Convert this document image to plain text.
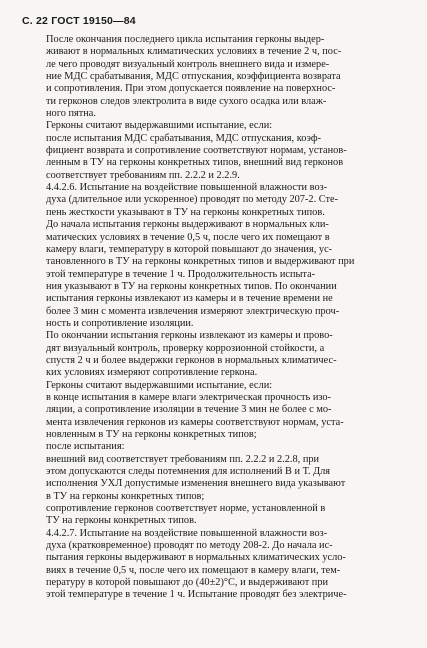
С. 22 ГОСТ 19150—84
После окончания последнего цикла испытания герконы выдер-
живают в нормальных климатических условиях в течение 2 ч, пос-
ле чего проводят визуальный контроль внешнего вида и измере-
ние МДС срабатывания, МДС отпускания, коэффициента возврата
и сопротивления. При этом допускается появление на поверхнос-
ти герконов следов электролита в виде сухого осадка или влаж-
ного пятна.
Герконы считают выдержавшими испытание, если:
после испытания МДС срабатывания, МДС отпускания, коэф-
фициент возврата и сопротивление соответствуют нормам, установ-
ленным в ТУ на герконы конкретных типов, внешний вид герконов
соответствует требованиям пп. 2.2.2 и 2.2.9.
4.4.2.6. Испытание на воздействие повышенной влажности воз-
духа (длительное или ускоренное) проводят по методу 207-2. Сте-
пень жесткости указывают в ТУ на герконы конкретных типов.
До начала испытания герконы выдерживают в нормальных кли-
матических условиях в течение 0,5 ч, после чего их помещают в
камеру влаги, температуру в которой повышают до значения, ус-
тановленного в ТУ на герконы конкретных типов и выдерживают при
этой температуре в течение 1 ч. Продолжительность испыта-
ния указывают в ТУ на герконы конкретных типов. По окончании
испытания герконы извлекают из камеры и в течение времени не
более 3 мин с момента извлечения измеряют электрическую проч-
ность и сопротивление изоляции.
По окончании испытания герконы извлекают из камеры и прово-
дят визуальный контроль, проверку коррозионной стойкости, а
спустя 2 ч и более выдержки герконов в нормальных климатичес-
ких условиях измеряют сопротивление геркона.
Герконы считают выдержавшими испытание, если:
в конце испытания в камере влаги электрическая прочность изо-
ляции, а сопротивление изоляции в течение 3 мин не более с мо-
мента извлечения герконов из камеры соответствуют нормам, уста-
новленным в ТУ на герконы конкретных типов;
после испытания:
внешний вид соответствует требованиям пп. 2.2.2 и 2.2.8, при
этом допускаются следы потемнения для исполнений В и Т. Для
исполнения УХЛ допустимые изменения внешнего вида указывают
в ТУ на герконы конкретных типов;
сопротивление герконов соответствует норме, установленной в
ТУ на герконы конкретных типов.
4.4.2.7. Испытание на воздействие повышенной влажности воз-
духа (кратковременное) проводят по методу 208-2. До начала ис-
пытания герконы выдерживают в нормальных климатических усло-
виях в течение 0,5 ч, после чего их помещают в камеру влаги, тем-
пературу в которой повышают до (40±2)°С, и выдерживают при
этой температуре в течение 1 ч. Испытание проводят без электриче-
